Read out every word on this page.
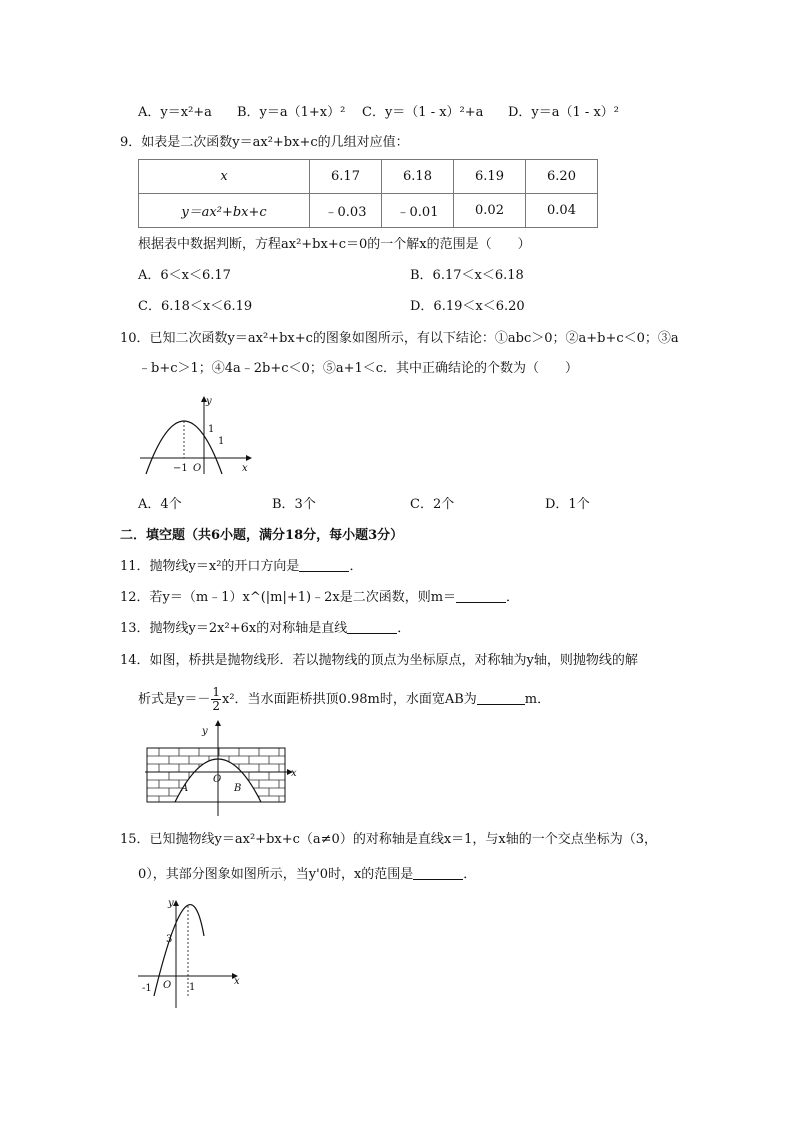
A．y＝x²+a B．y＝a（1+x）² C．y＝（1 - x）²+a D．y＝a（1 - x）²
9．如表是二次函数y＝ax²+bx+c的几组对应值：
x	6.17	6.18	6.19	6.20
y＝ax²+bx+c	﹣0.03	﹣0.01	0.02	0.04
根据表中数据判断，方程ax²+bx+c＝0的一个解x的范围是（　　）
A．6＜x＜6.17	B．6.17＜x＜6.18
C．6.18＜x＜6.19	D．6.19＜x＜6.20
10．已知二次函数y＝ax²+bx+c的图象如图所示，有以下结论：①abc＞0；②a+b+c＜0；③a
﹣b+c＞1；④4a﹣2b+c＜0；⑤a+1＜c．其中正确结论的个数为（　　）
y
x
O
−1
1
1
A．4个	B．3个	C．2个	D．1个
二．填空题（共6小题，满分18分，每小题3分）
11．抛物线y＝x²的开口方向是	．
12．若y＝（m﹣1）x^(|m|+1)﹣2x是二次函数，则m＝	．
13．抛物线y＝2x²+6x的对称轴是直线	．
14．如图，桥拱是抛物线形．若以抛物线的顶点为坐标原点，对称轴为y轴，则抛物线的解
析式是$y=- \frac{1}{2} x^2$．当水面距桥拱顶0.98m时，水面宽AB为	m．
y
x
O
A	B
15．已知抛物线y＝ax²+bx+c（a≠0）的对称轴是直线x＝1，与x轴的一个交点坐标为（3，
0），其部分图象如图所示，当y'0时，x的范围是	．
y
x
O
3
-1	1
